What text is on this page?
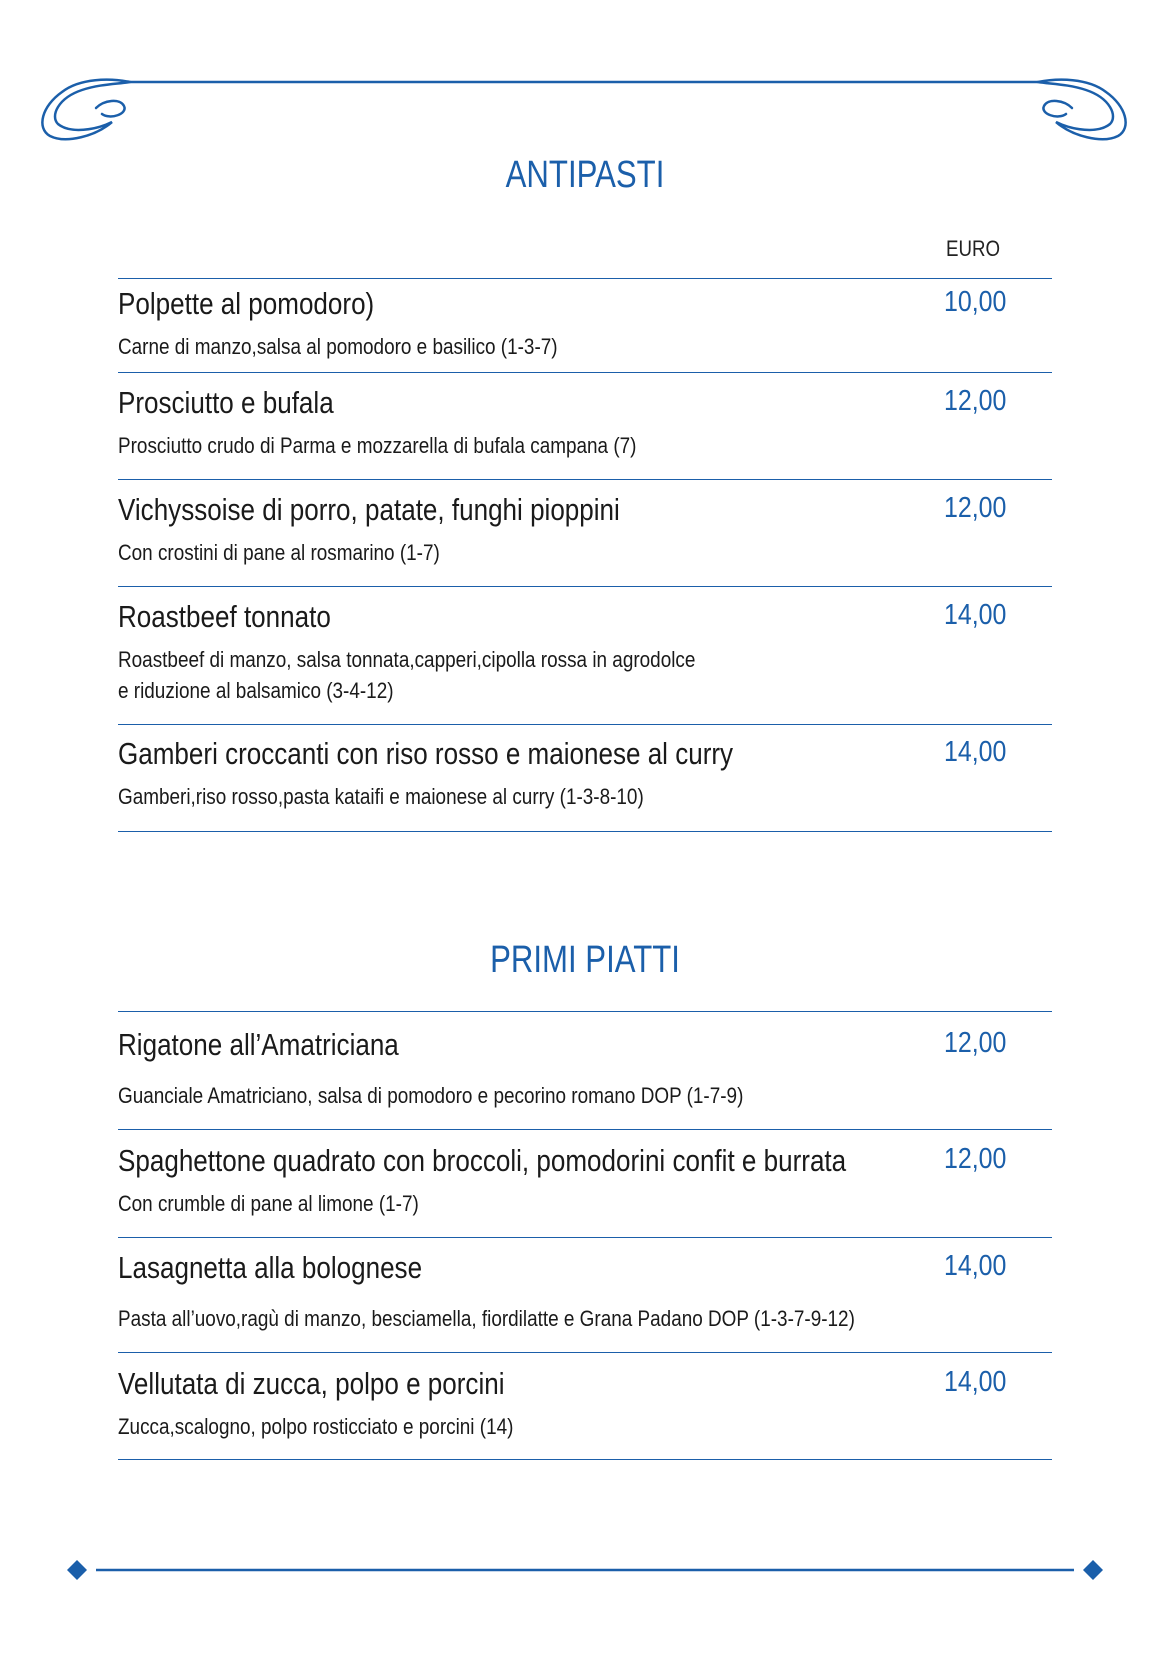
ANTIPASTI
EURO
Polpette al pomodoro)
Carne di manzo,salsa al pomodoro e basilico (1-3-7)
10,00
Prosciutto e bufala
Prosciutto crudo di Parma e mozzarella di bufala campana (7)
12,00
Vichyssoise di porro, patate, funghi pioppini
Con crostini di pane al rosmarino (1-7)
12,00
Roastbeef tonnato
Roastbeef di manzo, salsa tonnata,capperi,cipolla rossa in agrodolce
e riduzione al balsamico (3-4-12)
14,00
Gamberi croccanti con riso rosso e maionese al curry
Gamberi,riso rosso,pasta kataifi e maionese al curry (1-3-8-10)
14,00
PRIMI PIATTI
Rigatone all’Amatriciana
Guanciale Amatriciano, salsa di pomodoro e pecorino romano DOP (1-7-9)
12,00
Spaghettone quadrato con broccoli, pomodorini confit e burrata
Con crumble di pane al limone (1-7)
12,00
Lasagnetta alla bolognese
Pasta all’uovo,ragù di manzo, besciamella, fiordilatte e Grana Padano DOP (1-3-7-9-12)
14,00
Vellutata di zucca, polpo e porcini
Zucca,scalogno, polpo rosticciato e porcini (14)
14,00
